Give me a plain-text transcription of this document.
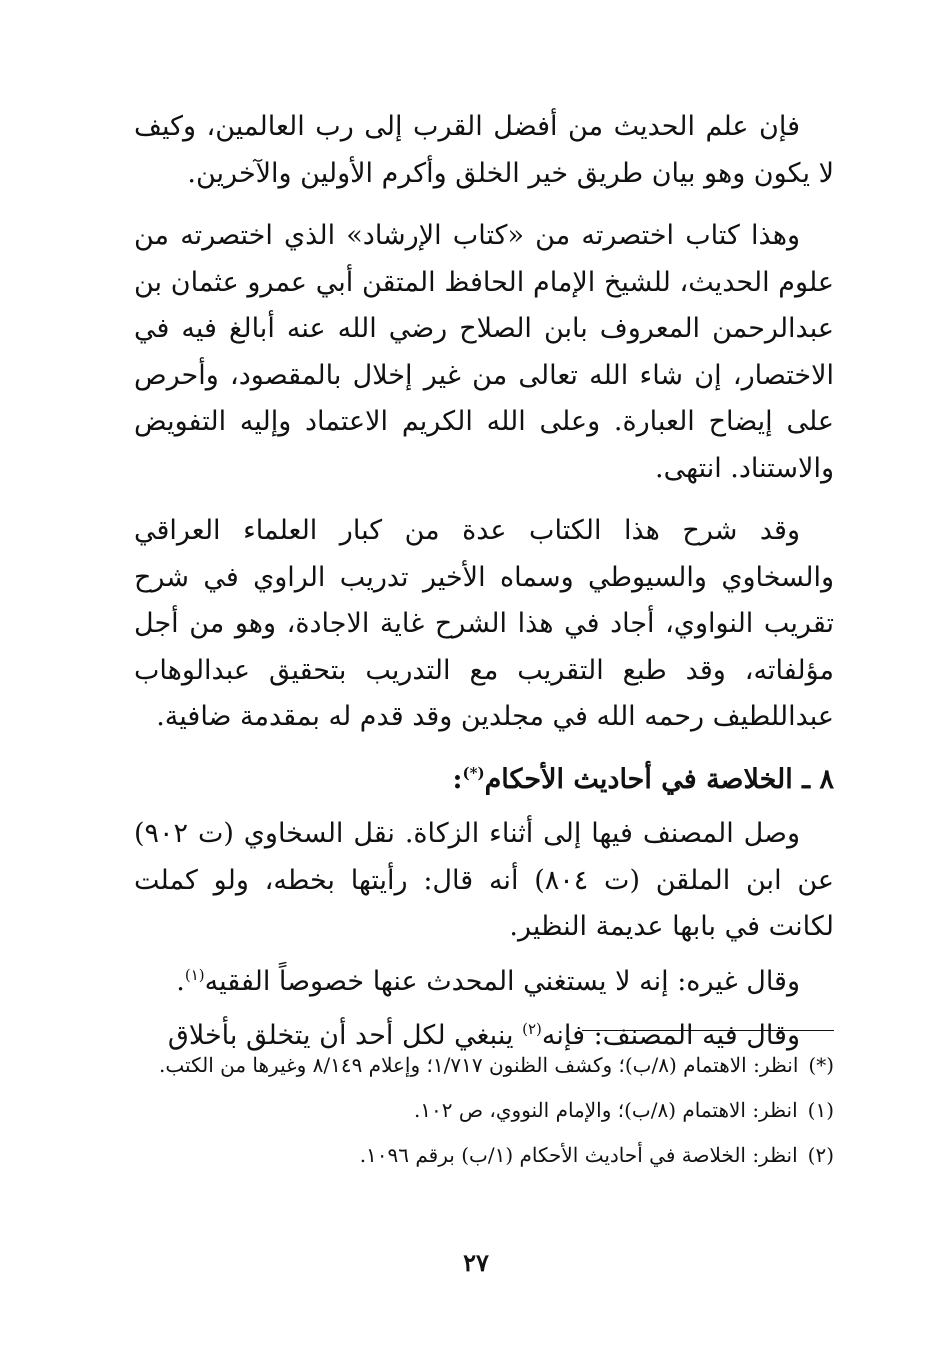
فإن علم الحديث من أفضل القرب إلى رب العالمين، وكيف لا يكون وهو بيان طريق خير الخلق وأكرم الأولين والآخرين.

وهذا كتاب اختصرته من «كتاب الإرشاد» الذي اختصرته من علوم الحديث، للشيخ الإمام الحافظ المتقن أبي عمرو عثمان بن عبدالرحمن المعروف بابن الصلاح رضي الله عنه أبالغ فيه في الاختصار، إن شاء الله تعالى من غير إخلال بالمقصود، وأحرص على إيضاح العبارة. وعلى الله الكريم الاعتماد وإليه التفويض والاستناد. انتهى.

وقد شرح هذا الكتاب عدة من كبار العلماء العراقي والسخاوي والسيوطي وسماه الأخير تدريب الراوي في شرح تقريب النواوي، أجاد في هذا الشرح غاية الاجادة، وهو من أجل مؤلفاته، وقد طبع التقريب مع التدريب بتحقيق عبدالوهاب عبداللطيف رحمه الله في مجلدين وقد قدم له بمقدمة ضافية.

٨ ـ الخلاصة في أحاديث الأحكام(*):

وصل المصنف فيها إلى أثناء الزكاة. نقل السخاوي (ت ٩٠٢) عن ابن الملقن (ت ٨٠٤) أنه قال: رأيتها بخطه، ولو كملت لكانت في بابها عديمة النظير.

وقال غيره: إنه لا يستغني المحدث عنها خصوصاً الفقيه$^{(١)}$.

وقال فيه المصنف: فإنه$^{(٢)}$ ينبغي لكل أحد أن يتخلق بأخلاق

(*)
انظر: الاهتمام (٨/ب)؛ وكشف الظنون ١/٧١٧؛ وإعلام ٨/١٤٩ وغيرها من الكتب.
(١)
انظر: الاهتمام (٨/ب)؛ والإمام النووي، ص ١٠٢.
(٢)
انظر: الخلاصة في أحاديث الأحكام (١/ب) برقم ١٠٩٦.
٢٧
